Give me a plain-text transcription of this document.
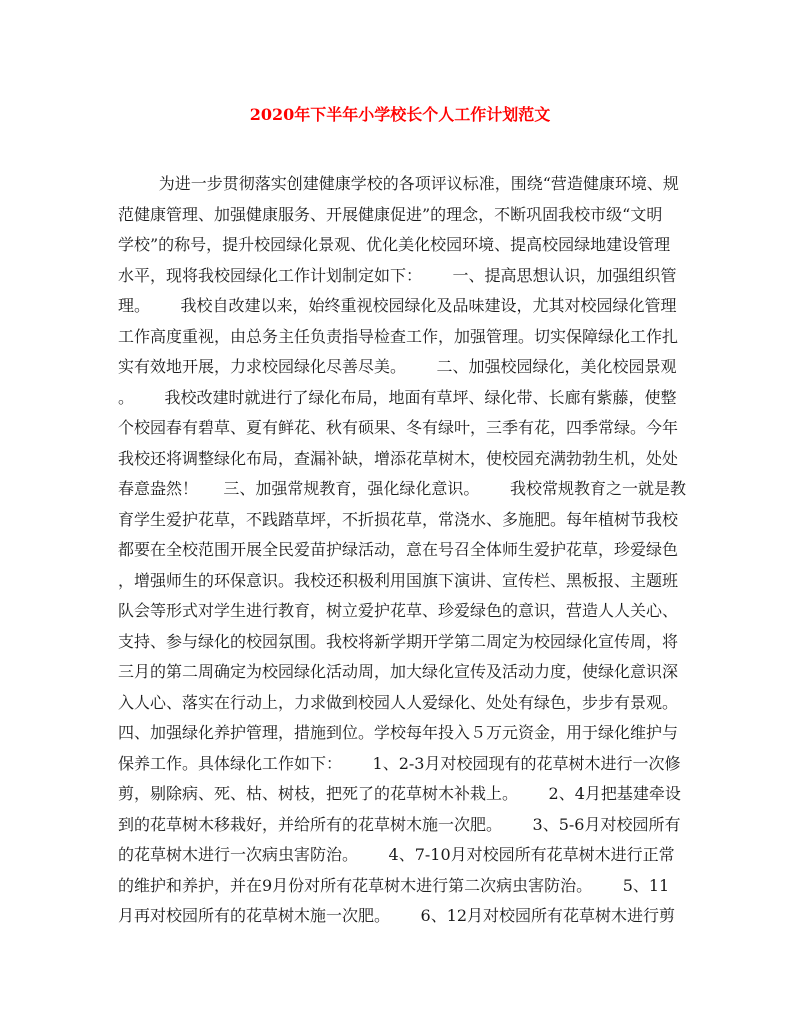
2020年下半年小学校长个人工作计划范文
为进一步贯彻落实创建健康学校的各项评议标准，围绕“营造健康环境、规
范健康管理、加强健康服务、开展健康促进”的理念，不断巩固我校市级“文明
学校”的称号，提升校园绿化景观、优化美化校园环境、提高校园绿地建设管理
水平，现将我校园绿化工作计划制定如下：      一、提高思想认识，加强组织管
理。      我校自改建以来，始终重视校园绿化及品味建设，尤其对校园绿化管理
工作高度重视，由总务主任负责指导检查工作，加强管理。切实保障绿化工作扎
实有效地开展，力求校园绿化尽善尽美。      二、加强校园绿化，美化校园景观
。      我校改建时就进行了绿化布局，地面有草坪、绿化带、长廊有紫藤，使整
个校园春有碧草、夏有鲜花、秋有硕果、冬有绿叶，三季有花，四季常绿。今年
我校还将调整绿化布局，查漏补缺，增添花草树木，使校园充满勃勃生机，处处
春意盎然！     三、加强常规教育，强化绿化意识。      我校常规教育之一就是教
育学生爱护花草，不践踏草坪，不折损花草，常浇水、多施肥。每年植树节我校
都要在全校范围开展全民爱苗护绿活动，意在号召全体师生爱护花草，珍爱绿色
，增强师生的环保意识。我校还积极利用国旗下演讲、宣传栏、黑板报、主题班
队会等形式对学生进行教育，树立爱护花草、珍爱绿色的意识，营造人人关心、
支持、参与绿化的校园氛围。我校将新学期开学第二周定为校园绿化宣传周，将
三月的第二周确定为校园绿化活动周，加大绿化宣传及活动力度，使绿化意识深
入人心、落实在行动上，力求做到校园人人爱绿化、处处有绿色，步步有景观。
四、加强绿化养护管理，措施到位。学校每年投入５万元资金，用于绿化维护与
保养工作。具体绿化工作如下：      1、2-3月对校园现有的花草树木进行一次修
剪，剔除病、死、枯、树枝，把死了的花草树木补栽上。      2、4月把基建牵设
到的花草树木移栽好，并给所有的花草树木施一次肥。      3、5-6月对校园所有
的花草树木进行一次病虫害防治。      4、7-10月对校园所有花草树木进行正常
的维护和养护，并在9月份对所有花草树木进行第二次病虫害防治。      5、11
月再对校园所有的花草树木施一次肥。      6、12月对校园所有花草树木进行剪
